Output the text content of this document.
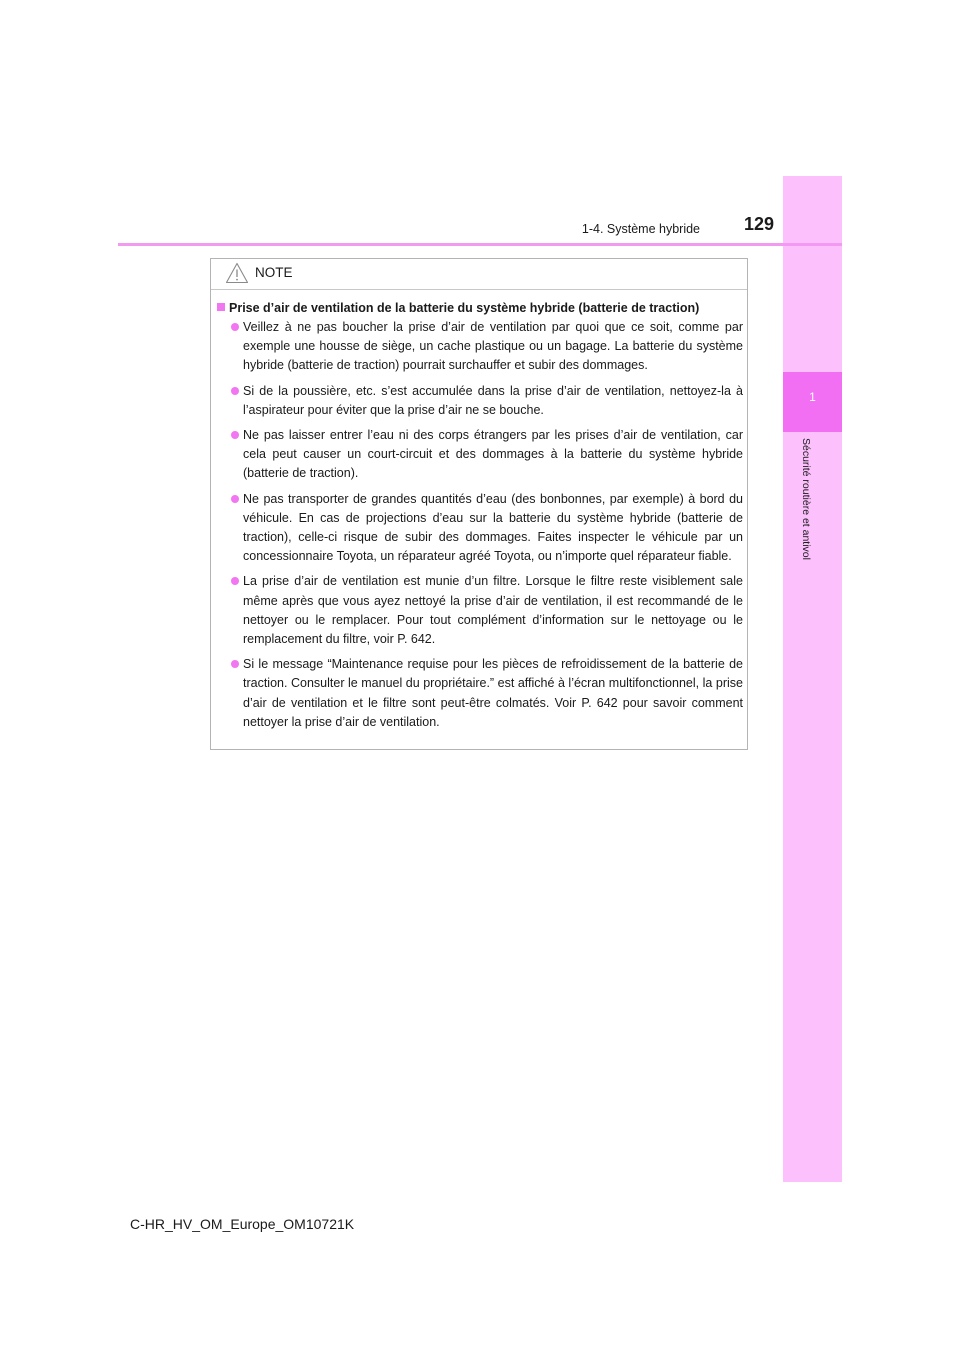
1
Sécurité routière et antivol
1-4. Système hybride	129
NOTE
Prise d’air de ventilation de la batterie du système hybride (batterie de traction)
Veillez à ne pas boucher la prise d’air de ventilation par quoi que ce soit, comme par exemple une housse de siège, un cache plastique ou un bagage. La batterie du système hybride (batterie de traction) pourrait surchauffer et subir des dommages.
Si de la poussière, etc. s’est accumulée dans la prise d’air de ventilation, nettoyez-la à l’aspirateur pour éviter que la prise d’air ne se bouche.
Ne pas laisser entrer l’eau ni des corps étrangers par les prises d’air de ventilation, car cela peut causer un court-circuit et des dommages à la batterie du système hybride (batterie de traction).
Ne pas transporter de grandes quantités d’eau (des bonbonnes, par exemple) à bord du véhicule. En cas de projections d’eau sur la batterie du système hybride (batterie de traction), celle-ci risque de subir des dommages. Faites inspecter le véhicule par un concessionnaire Toyota, un réparateur agréé Toyota, ou n’importe quel réparateur fiable.
La prise d’air de ventilation est munie d’un filtre. Lorsque le filtre reste visiblement sale même après que vous ayez nettoyé la prise d’air de ventilation, il est recommandé de le nettoyer ou le remplacer. Pour tout complément d’information sur le nettoyage ou le remplacement du filtre, voir P. 642.
Si le message “Maintenance requise pour les pièces de refroidissement de la batterie de traction. Consulter le manuel du propriétaire.” est affiché à l’écran multifonctionnel, la prise d’air de ventilation et le filtre sont peut-être colmatés. Voir P. 642 pour savoir comment nettoyer la prise d’air de ventilation.
C-HR_HV_OM_Europe_OM10721K
